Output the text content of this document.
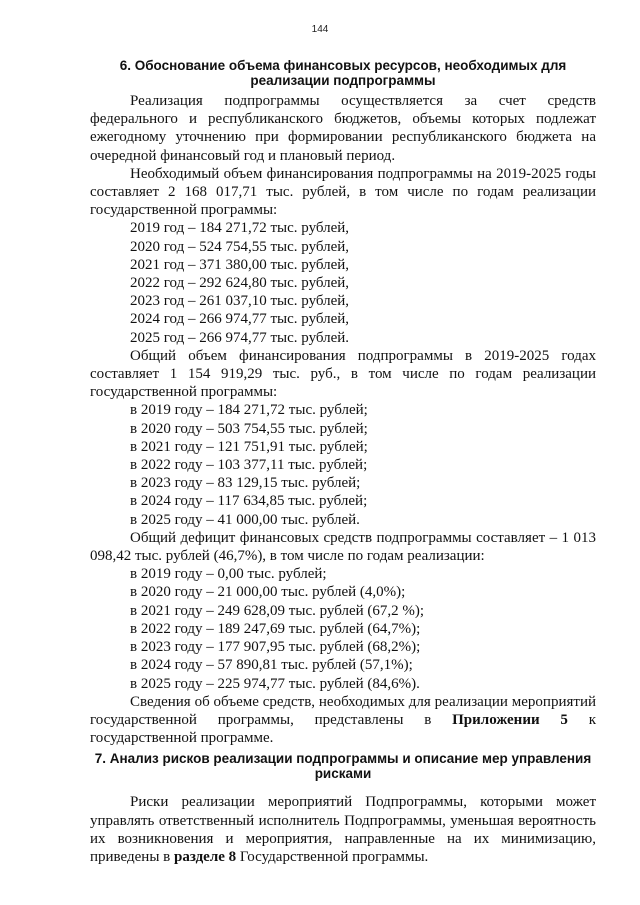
144
6. Обоснование объема финансовых ресурсов, необходимых для
реализации подпрограммы

Реализация подпрограммы осуществляется за счет средств федерального и республиканского бюджетов, объемы которых подлежат ежегодному уточнению при формировании республиканского бюджета на очередной финансовый год и плановый период.

Необходимый объем финансирования подпрограммы на 2019-2025 годы составляет 2 168 017,71 тыс. рублей, в том числе по годам реализации государственной программы:

2019 год – 184 271,72 тыс. рублей,
2020 год – 524 754,55 тыс. рублей,
2021 год – 371 380,00 тыс. рублей,
2022 год – 292 624,80 тыс. рублей,
2023 год – 261 037,10 тыс. рублей,
2024 год – 266 974,77 тыс. рублей,
2025 год – 266 974,77 тыс. рублей.

Общий объем финансирования подпрограммы в 2019-2025 годах составляет 1 154 919,29 тыс. руб., в том числе по годам реализации государственной программы:

в 2019 году – 184 271,72 тыс. рублей;
в 2020 году – 503 754,55 тыс. рублей;
в 2021 году – 121 751,91 тыс. рублей;
в 2022 году – 103 377,11 тыс. рублей;
в 2023 году – 83 129,15 тыс. рублей;
в 2024 году – 117 634,85 тыс. рублей;
в 2025 году – 41 000,00 тыс. рублей.

Общий дефицит финансовых средств подпрограммы составляет – 1 013 098,42 тыс. рублей (46,7%), в том числе по годам реализации:

в 2019 году – 0,00 тыс. рублей;
в 2020 году – 21 000,00 тыс. рублей (4,0%);
в 2021 году – 249 628,09 тыс. рублей (67,2 %);
в 2022 году – 189 247,69 тыс. рублей (64,7%);
в 2023 году – 177 907,95 тыс. рублей (68,2%);
в 2024 году – 57 890,81 тыс. рублей (57,1%);
в 2025 году – 225 974,77 тыс. рублей (84,6%).

Сведения об объеме средств, необходимых для реализации мероприятий государственной программы, представлены в Приложении 5 к государственной программе.

7. Анализ рисков реализации подпрограммы и описание мер управления
рисками

Риски реализации мероприятий Подпрограммы, которыми может управлять ответственный исполнитель Подпрограммы, уменьшая вероятность их возникновения и мероприятия, направленные на их минимизацию, приведены в разделе 8 Государственной программы.
